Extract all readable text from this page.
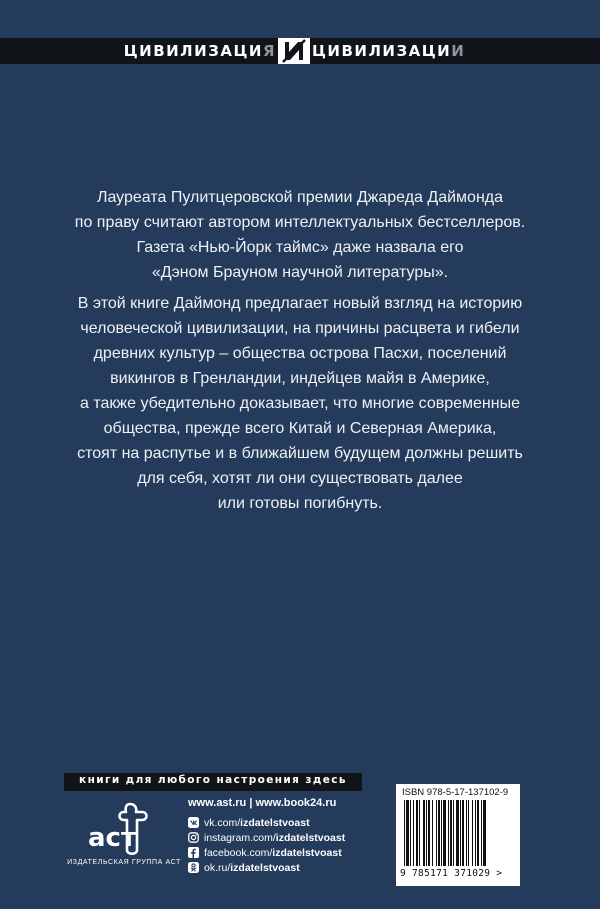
ЦИВИЛИЗАЦИЯ ЦИВИЛИЗАЦИИ
Лауреата Пулитцеровской премии Джареда Даймонда
по праву считают автором интеллектуальных бестселлеров.
Газета «Нью-Йорк таймс» даже назвала его
«Дэном Брауном научной литературы».
В этой книге Даймонд предлагает новый взгляд на историю
человеческой цивилизации, на причины расцвета и гибели
древних культур – общества острова Пасхи, поселений
викингов в Гренландии, индейцев майя в Америке,
а также убедительно доказывает, что многие современные
общества, прежде всего Китай и Северная Америка,
стоят на распутье и в ближайшем будущем должны решить
для себя, хотят ли они существовать далее
или готовы погибнуть.
книги для любого настроения здесь
аст
ИЗДАТЕЛЬСКАЯ ГРУППА АСТ
www.ast.ru | www.book24.ru
vk.com/ izdatelstvoast
instagram.com/ izdatelstvoast
facebook.com/ izdatelstvoast
ok.ru/ izdatelstvoast
ISBN 978-5-17-137102-9
9 785171 371029 >
